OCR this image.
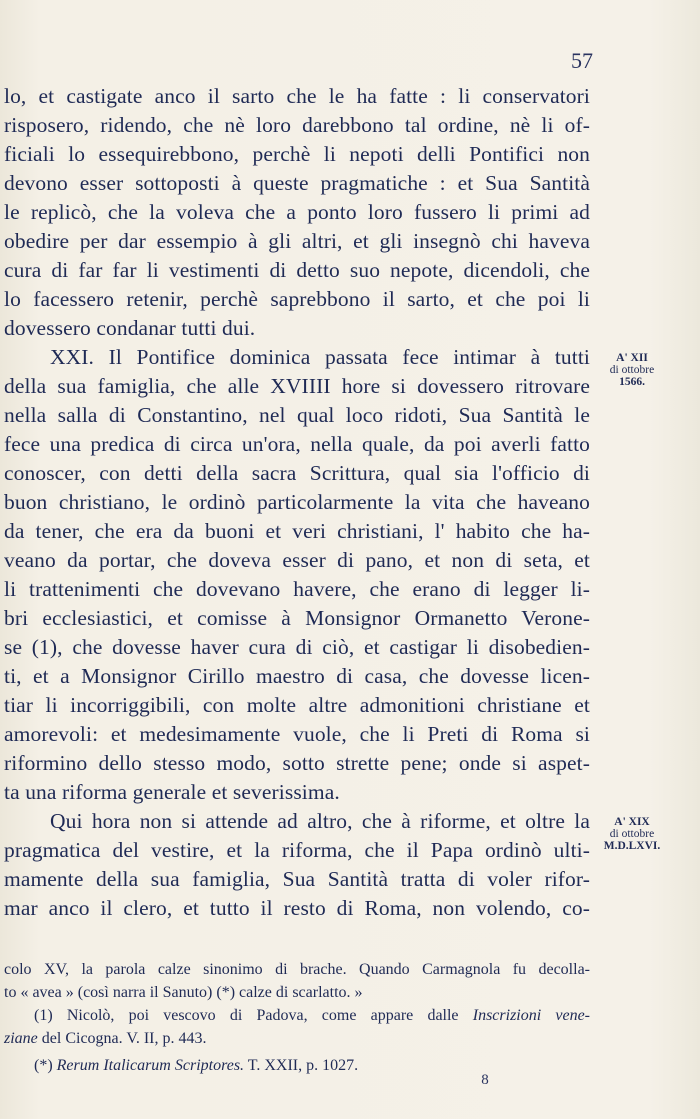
57
lo, et castigate anco il sarto che le ha fatte : li conservatori
risposero, ridendo, che nè loro darebbono tal ordine, nè li of-
ficiali lo essequirebbono, perchè li nepoti delli Pontifici non
devono esser sottoposti à queste pragmatiche : et Sua Santità
le replicò, che la voleva che a ponto loro fussero li primi ad
obedire per dar essempio à gli altri, et gli insegnò chi haveva
cura di far far li vestimenti di detto suo nepote, dicendoli, che
lo facessero retenir, perchè saprebbono il sarto, et che poi li
dovessero condanar tutti dui.
XXI. Il Pontifice dominica passata fece intimar à tutti
della sua famiglia, che alle XVIIII hore si dovessero ritrovare
nella salla di Constantino, nel qual loco ridoti, Sua Santità le
fece una predica di circa un'ora, nella quale, da poi averli fatto
conoscer, con detti della sacra Scrittura, qual sia l'officio di
buon christiano, le ordinò particolarmente la vita che haveano
da tener, che era da buoni et veri christiani, l' habito che ha-
veano da portar, che doveva esser di pano, et non di seta, et
li trattenimenti che dovevano havere, che erano di legger li-
bri ecclesiastici, et comisse à Monsignor Ormanetto Verone-
se (1), che dovesse haver cura di ciò, et castigar li disobedien-
ti, et a Monsignor Cirillo maestro di casa, che dovesse licen-
tiar li incorriggibili, con molte altre admonitioni christiane et
amorevoli: et medesimamente vuole, che li Preti di Roma si
riformino dello stesso modo, sotto strette pene; onde si aspet-
ta una riforma generale et severissima.
Qui hora non si attende ad altro, che à riforme, et oltre la
pragmatica del vestire, et la riforma, che il Papa ordinò ulti-
mamente della sua famiglia, Sua Santità tratta di voler rifor-
mar anco il clero, et tutto il resto di Roma, non volendo, co-
A' XII
di ottobre
1566.
A' XIX
di ottobre
M.D.LXVI.
colo XV, la parola calze sinonimo di brache. Quando Carmagnola fu decolla-
to « avea » (così narra il Sanuto) (*) calze di scarlatto. »
(1) Nicolò, poi vescovo di Padova, come appare dalle Inscrizioni vene-
ziane del Cicogna. V. II, p. 443.
(*) Rerum Italicarum Scriptores. T. XXII, p. 1027.
8
